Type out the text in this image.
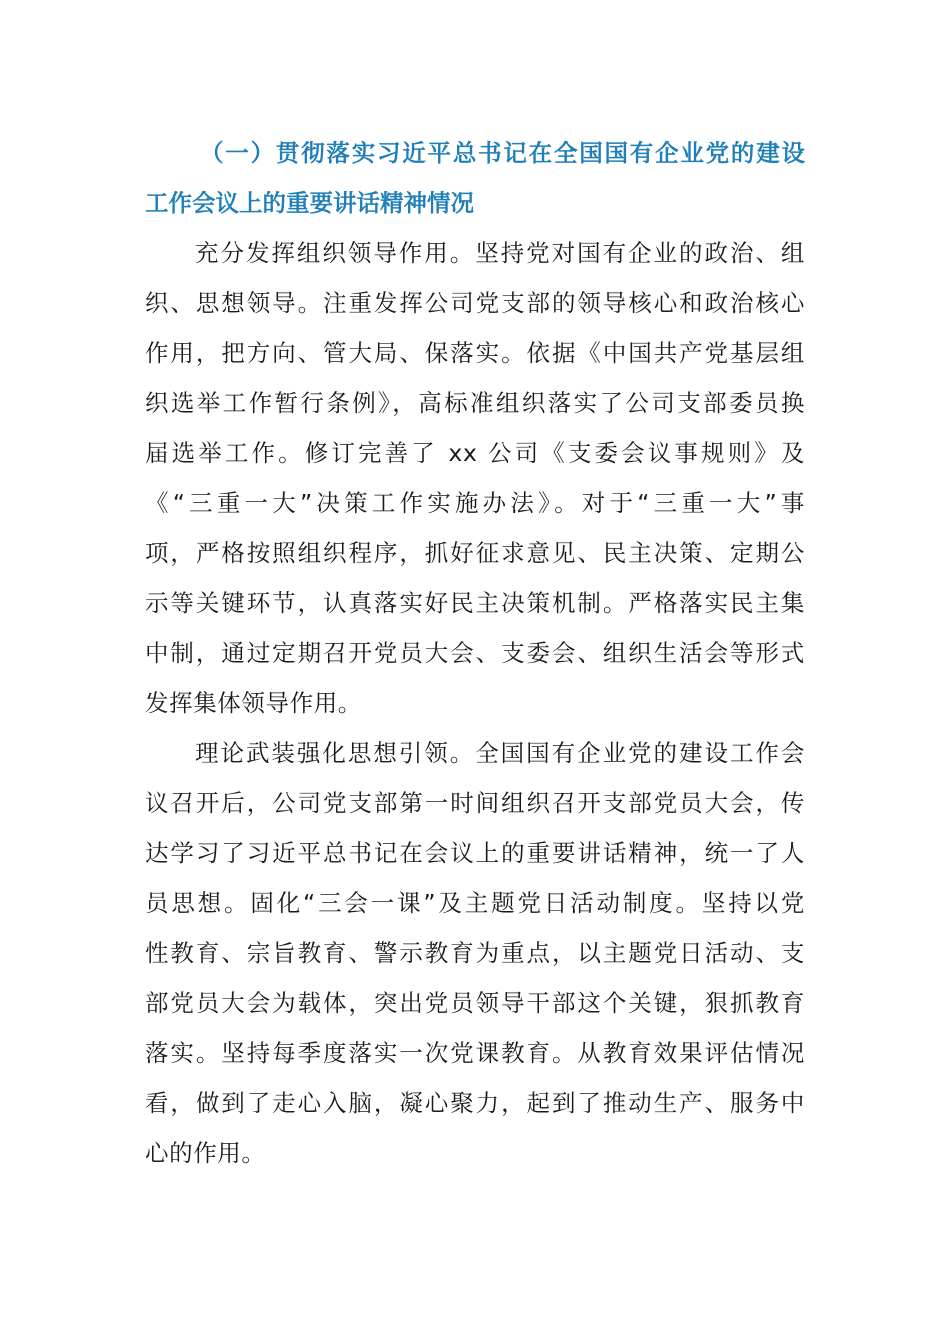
（一）贯彻落实习近平总书记在全国国有企业党的建设
工作会议上的重要讲话精神情况
充分发挥组织领导作用。坚持党对国有企业的政治、组
织、思想领导。注重发挥公司党支部的领导核心和政治核心
作用，把方向、管大局、保落实。依据《中国共产党基层组
织选举工作暂行条例》，高标准组织落实了公司支部委员换
届选举工作。修订完善了 xx 公司《支委会议事规则》及
《“三重一大”决策工作实施办法》。对于“三重一大”事
项，严格按照组织程序，抓好征求意见、民主决策、定期公
示等关键环节，认真落实好民主决策机制。严格落实民主集
中制，通过定期召开党员大会、支委会、组织生活会等形式
发挥集体领导作用。
理论武装强化思想引领。全国国有企业党的建设工作会
议召开后，公司党支部第一时间组织召开支部党员大会，传
达学习了习近平总书记在会议上的重要讲话精神，统一了人
员思想。固化“三会一课”及主题党日活动制度。坚持以党
性教育、宗旨教育、警示教育为重点，以主题党日活动、支
部党员大会为载体，突出党员领导干部这个关键，狠抓教育
落实。坚持每季度落实一次党课教育。从教育效果评估情况
看，做到了走心入脑，凝心聚力，起到了推动生产、服务中
心的作用。
